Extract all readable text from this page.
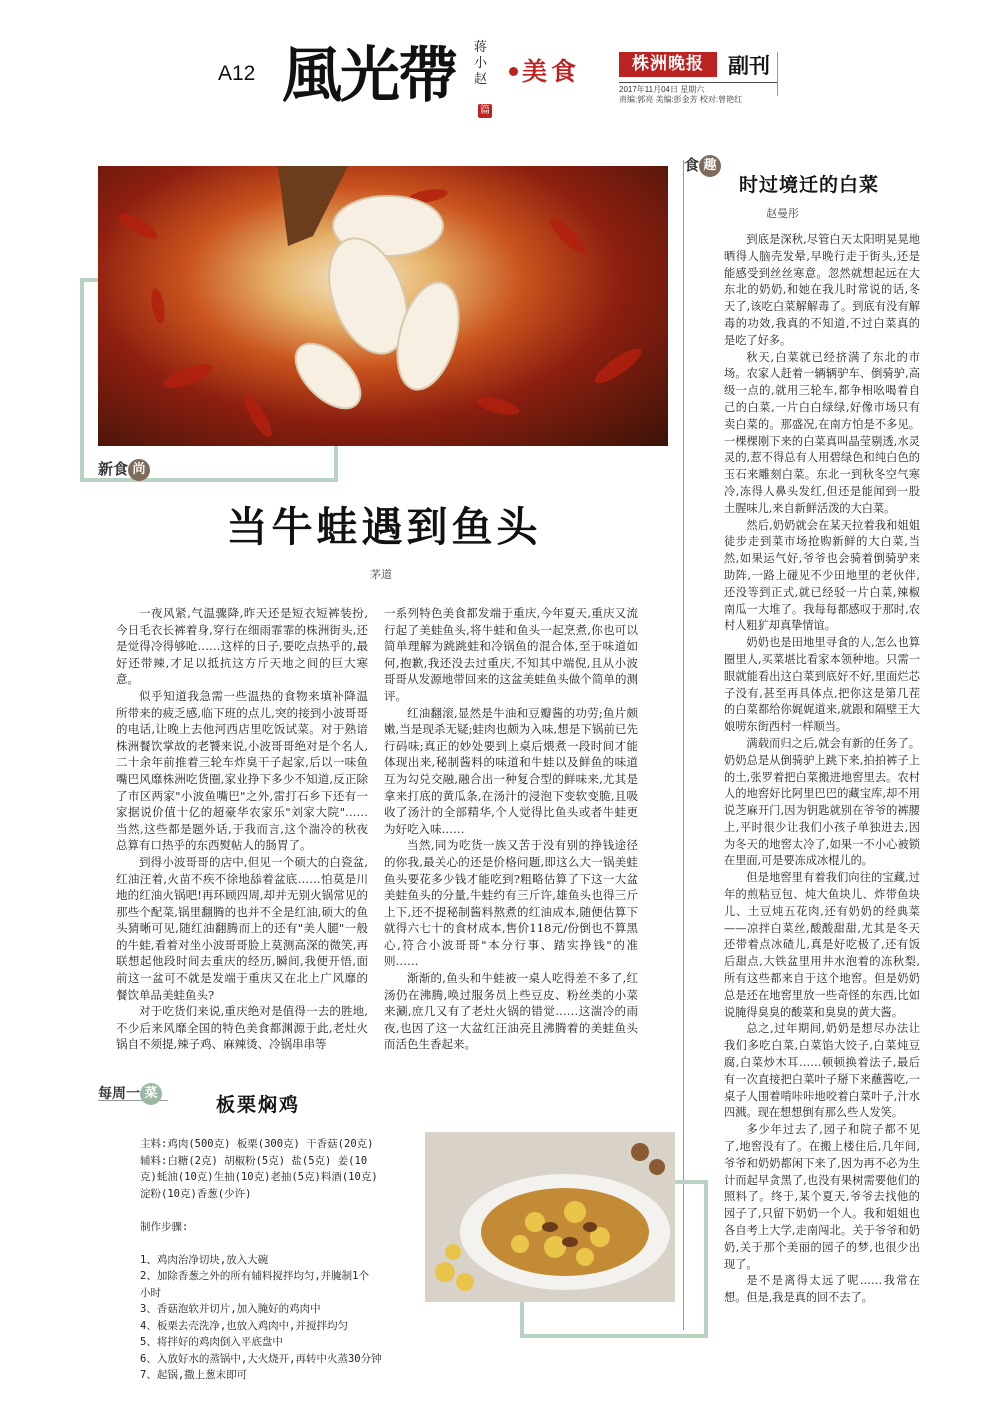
A12 風光帶 蒋小赵
篇
美食	株洲晚报	副刊
2017年11月04日 星期六
责编:郭亮 美编:彭金芳 校对:曾艳红
新食 尚
当牛蛙遇到鱼头
茅道

一夜风紧,气温骤降,昨天还是短衣短裤装扮,今日毛衣长裤着身,穿行在细雨霏霏的株洲街头,还是觉得冷得够呛……这样的日子,要吃点热乎的,最好还带辣,才足以抵抗这方斤天地之间的巨大寒意。

似乎知道我急需一些温热的食物来填补降温所带来的疲乏感,临下班的点儿,突的接到小波哥哥的电话,让晚上去他河西店里吃饭试菜。对于熟谙株洲餐饮掌故的老饕来说,小波哥哥绝对是个名人,二十余年前推着三轮车炸臭干子起家,后以一味鱼嘴巴风靡株洲吃货圈,家业挣下多少不知道,反正除了市区两家"小波鱼嘴巴"之外,雷打石乡下还有一家据说价值十亿的超豪华农家乐"刘家大院"……当然,这些都是题外话,于我而言,这个湍冷的秋夜总算有口热乎的东西熨帖人的肠胃了。

到得小波哥哥的店中,但见一个硕大的白瓷盆,红油汪着,火苗不疾不徐地舔着盆底……怕莫是川地的红油火锅吧!再环顾四周,却并无别火锅常见的那些个配菜,锅里翻腾的也并不全是红油,硕大的鱼头猜晰可见,随红油翻腾而上的还有"美人腿"一般的牛蛙,看着对坐小波哥哥脸上莫测高深的微笑,再联想起他段时间去重庆的经历,瞬间,我便开悟,面前这一盆可不就是发端于重庆又在北上广风靡的餐饮单品美蛙鱼头?

对于吃货们来说,重庆绝对是值得一去的胜地,不少后来风靡全国的特色美食都渊源于此,老灶火锅自不须提,辣子鸡、麻辣烫、冷锅串串等

一系列特色美食都发端于重庆,今年夏天,重庆又流行起了美蛙鱼头,将牛蛙和鱼头一起烹煮,你也可以简单理解为跳跳蛙和冷锅鱼的混合体,至于味道如何,抱歉,我还没去过重庆,不知其中端倪,且从小波哥哥从发源地带回来的这盆美蛙鱼头做个简单的测评。

红油翻滚,显然是牛油和豆瓣酱的功劳;鱼片颇嫩,当是现杀无疑;蛙肉也颇为入味,想是下锅前已先行码味;真正的妙处要到上桌后煨煮一段时间才能体现出来,秘制酱料的味道和牛蛙以及鲜鱼的味道互为勾兑交融,融合出一种复合型的鲜味来,尤其是拿来打底的黄瓜条,在汤汁的浸泡下变软变脆,且吸收了汤汁的全部精华,个人觉得比鱼头或者牛蛙更为好吃入味……

当然,同为吃货一族又苦于没有别的挣钱途径的你我,最关心的还是价格问题,即这么大一锅美蛙鱼头要花多少钱才能吃到?粗略估算了下这一大盆美蛙鱼头的分量,牛蛙约有三斤许,雄鱼头也得三斤上下,还不提秘制酱料熬煮的红油成本,随便估算下就得六七十的食材成本,售价118元/份倒也不算黑心,符合小波哥哥"本分行事、踏实挣钱"的准则……

渐渐的,鱼头和牛蛙被一桌人吃得差不多了,红汤仍在沸腾,唤过服务员上些豆皮、粉丝类的小菜来涮,庶几又有了老灶火锅的错觉……这湍冷的雨夜,也因了这一大盆红汪油亮且沸腾着的美蛙鱼头而活色生香起来。

食 趣
时过境迁的白菜
赵曼彤

到底是深秋,尽管白天太阳明晃晃地晒得人脑壳发晕,早晚行走于街头,还是能感受到丝丝寒意。忽然就想起远在大东北的奶奶,和她在我儿时常说的话,冬天了,该吃白菜解解毒了。到底有没有解毒的功效,我真的不知道,不过白菜真的是吃了好多。

秋天,白菜就已经挤满了东北的市场。农家人赶着一辆辆驴车、倒骑驴,高级一点的,就用三轮车,都争相吆喝着自己的白菜,一片白白绿绿,好像市场只有卖白菜的。那盛况,在南方怕是不多见。一棵棵刚下来的白菜真叫晶莹剔透,水灵灵的,惹不得总有人用碧绿色和纯白色的玉石来雕刻白菜。东北一到秋冬空气寒冷,冻得人鼻头发红,但还是能闻到一股土腥味儿,来自新鲜活泼的大白菜。

然后,奶奶就会在某天拉着我和姐姐徒步走到菜市场抢购新鲜的大白菜,当然,如果运气好,爷爷也会骑着倒骑驴来助阵,一路上碰见不少田地里的老伙伴,还没等到正式,就已经驳一片白菜,辣椒南瓜一大堆了。我每每都感叹于那时,农村人粗犷却真挚情谊。

奶奶也是田地里寻食的人,怎么也算圈里人,买菜堪比看家本领种地。只需一眼就能看出这白菜到底好不好,里面烂芯子没有,甚至再具体点,把你这是第几茬的白菜都给你娓娓道来,就跟和隔壁王大娘唠东街西村一样顺当。

满载而归之后,就会有新的任务了。奶奶总是从倒骑驴上跳下来,拍拍裤子上的土,张罗着把白菜搬进地窖里去。农村人的地窖好比阿里巴巴的藏宝库,却不用说芝麻开门,因为钥匙就别在爷爷的裤腰上,平时很少让我们小孩子单独进去,因为冬天的地窖太冷了,如果一不小心被锁在里面,可是要冻成冰棍儿的。

但是地窖里有着我们向往的宝藏,过年的煎粘豆包、炖大鱼块儿、炸带鱼块儿、土豆炖五花肉,还有奶奶的经典菜——凉拌白菜丝,酸酸甜甜,尤其是冬天还带着点冰碴儿,真是好吃极了,还有饭后甜点,大铁盆里用井水泡着的冻秋梨,所有这些都来自于这个地窖。但是奶奶总是还在地窖里放一些奇怪的东西,比如说腌得臭臭的酸菜和臭臭的黄大酱。

总之,过年期间,奶奶是想尽办法让我们多吃白菜,白菜馅大饺子,白菜炖豆腐,白菜炒木耳……顿顿换着法子,最后有一次直接把白菜叶子掰下来蘸酱吃,一桌子人围着啃咔咔地咬着白菜叶子,汁水四溅。现在想想倒有那么些人发笑。

多少年过去了,园子和院子都不见了,地窖没有了。在搬上楼住后,几年间,爷爷和奶奶都闲下来了,因为再不必为生计而起早贪黑了,也没有果树需要他们的照料了。终于,某个夏天,爷爷去找他的园子了,只留下奶奶一个人。我和姐姐也各自考上大学,走南闯北。关于爷爷和奶奶,关于那个美丽的园子的梦,也很少出现了。

是不是离得太远了呢……我常在想。但是,我是真的回不去了。

每周一 菜
板栗焖鸡
主料:鸡肉(500克) 板栗(300克) 干香菇(20克)
辅料:白糖(2克) 胡椒粉(5克) 盐(5克) 姜(10
克)蚝油(10克)生抽(10克)老抽(5克)料酒(10克)
淀粉(10克)香葱(少许)

制作步骤:

1、鸡肉治净切块,放入大碗
2、加除香葱之外的所有辅料搅拌均匀,并腌制1个
小时
3、香菇泡软并切片,加入腌好的鸡肉中
4、板栗去壳洗净,也放入鸡肉中,并搅拌均匀
5、将拌好的鸡肉倒入平底盘中
6、入放好水的蒸锅中,大火烧开,再转中火蒸30分钟
7、起锅,撒上葱末即可
